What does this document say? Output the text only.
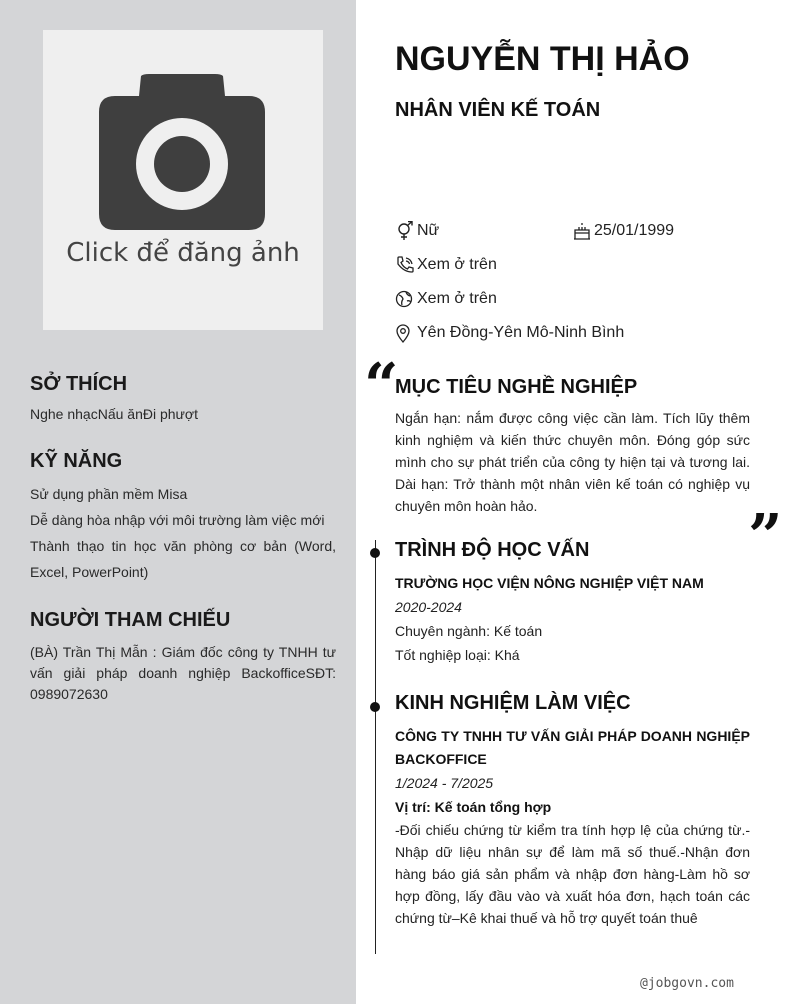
Click để đăng ảnh
SỞ THÍCH
Nghe nhạcNấu ănĐi phượt
KỸ NĂNG
Sử dụng phần mềm Misa
Dễ dàng hòa nhập với môi trường làm việc mới
Thành thạo tin học văn phòng cơ bản (Word, Excel, PowerPoint)
NGƯỜI THAM CHIẾU

(BÀ) Trần Thị Mẫn : Giám đốc công ty TNHH tư vấn giải pháp doanh nghiệp BackofficeSĐT: 0989072630

NGUYỄN THỊ HẢO
NHÂN VIÊN KẾ TOÁN
Nữ	25/01/1999
Xem ở trên
Xem ở trên
Yên Đồng-Yên Mô-Ninh Bình
“
MỤC TIÊU NGHỀ NGHIỆP

Ngắn hạn: nắm được công việc cần làm. Tích lũy thêm kinh nghiệm và kiến thức chuyên môn. Đóng góp sức mình cho sự phát triển của công ty hiện tại và tương lai. Dài hạn: Trở thành một nhân viên kế toán có nghiệp vụ chuyên môn hoàn hảo.	”
TRÌNH ĐỘ HỌC VẤN

TRƯỜNG HỌC VIỆN NÔNG NGHIỆP VIỆT NAM

2020-2024

Chuyên ngành: Kế toán

Tốt nghiệp loại: Khá

KINH NGHIỆM LÀM VIỆC

CÔNG TY TNHH TƯ VẤN GIẢI PHÁP DOANH NGHIỆP BACKOFFICE

1/2024 - 7/2025

Vị trí: Kế toán tổng hợp

-Đối chiếu chứng từ kiểm tra tính hợp lệ của chứng từ.-Nhập dữ liệu nhân sự để làm mã số thuế.-Nhận đơn hàng báo giá sản phẩm và nhập đơn hàng-Làm hồ sơ hợp đồng, lấy đầu vào và xuất hóa đơn, hạch toán các chứng từ–Kê khai thuế và hỗ trợ quyết toán thuê

@jobgovn.com
